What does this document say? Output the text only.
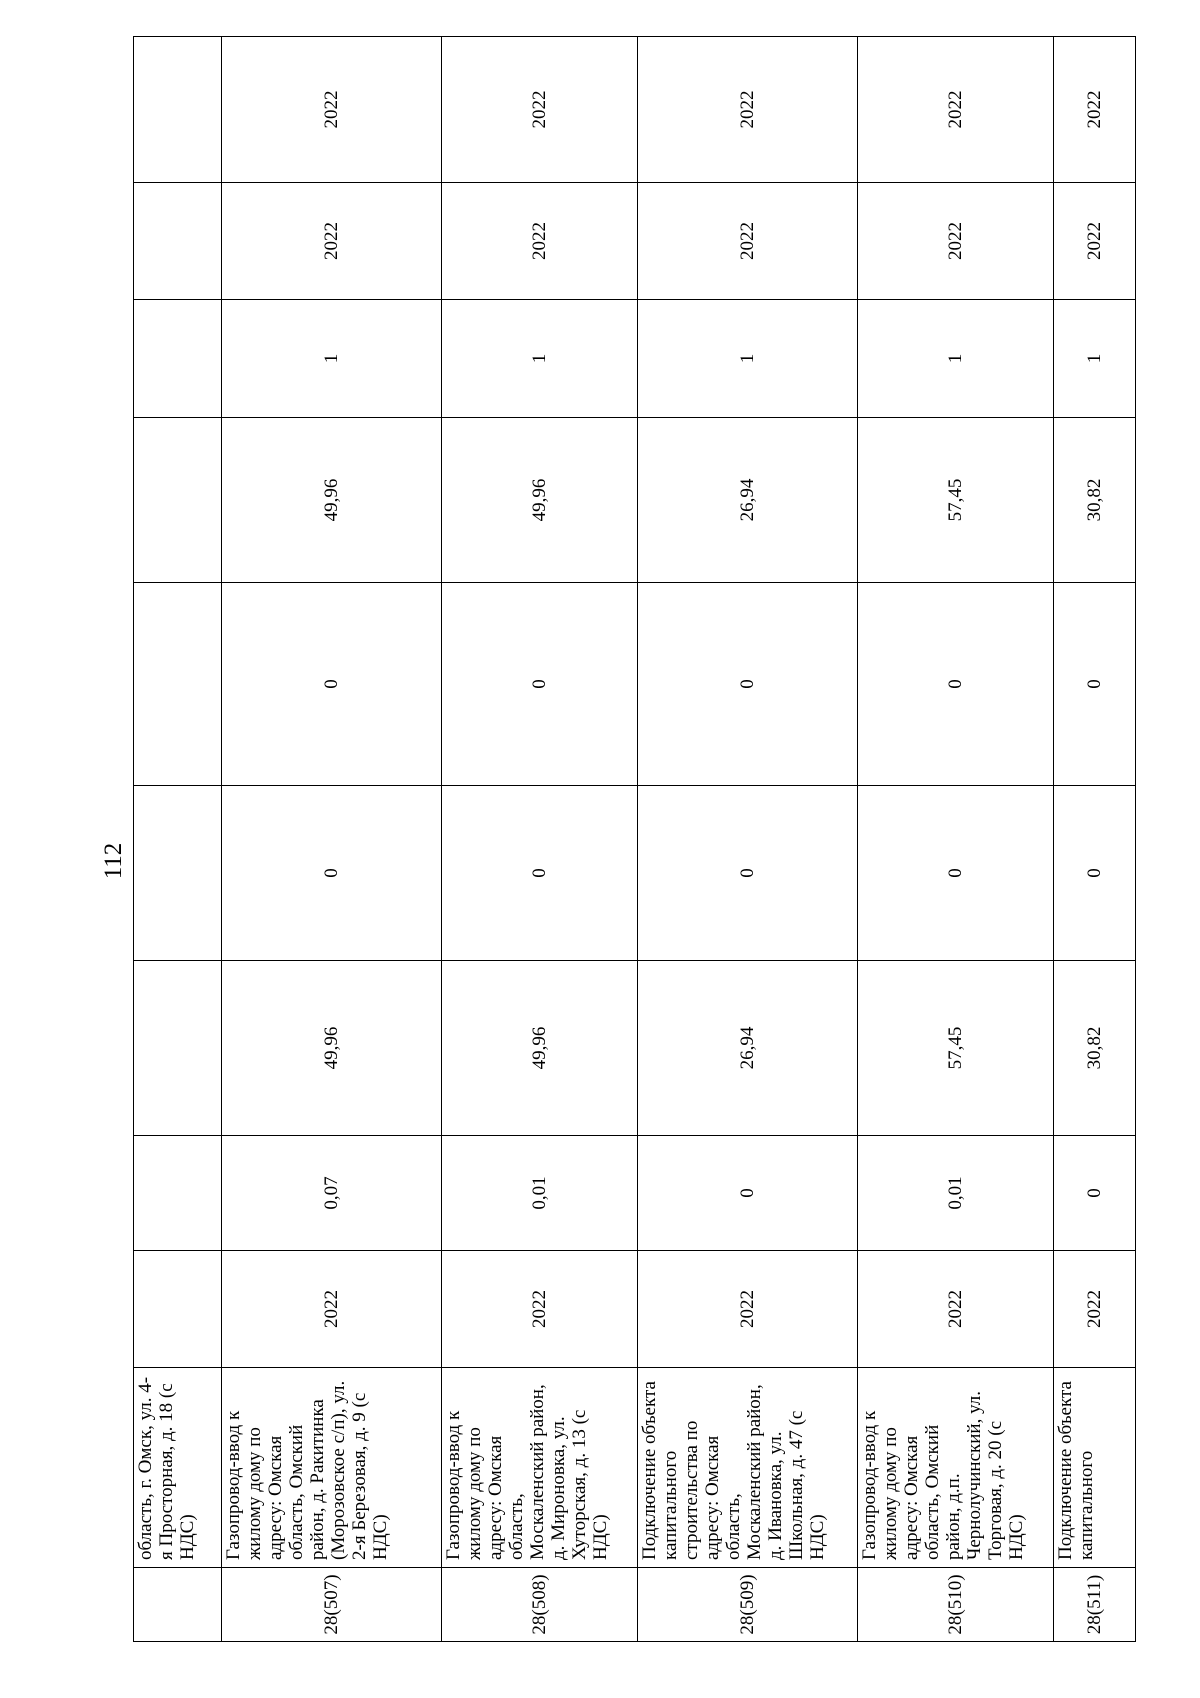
112
	область, г. Омск, ул. 4-я Просторная, д. 18 (с НДС)									
28(507)	Газопровод-ввод к жилому дому по адресу: Омская область, Омский район, д. Ракитинка (Морозовское с/п), ул. 2-я Березовая, д. 9 (с НДС)	2022	0,07	49,96	0	0	49,96	1	2022	2022
28(508)	Газопровод-ввод к жилому дому по адресу: Омская область, Москаленский район, д. Мироновка, ул. Хуторская, д. 13 (с НДС)	2022	0,01	49,96	0	0	49,96	1	2022	2022
28(509)	Подключение объекта капитального строительства по адресу: Омская область, Москаленский район, д. Ивановка, ул. Школьная, д. 47 (с НДС)	2022	0	26,94	0	0	26,94	1	2022	2022
28(510)	Газопровод-ввод к жилому дому по адресу: Омская область, Омский район, д.п. Чернолучинский, ул. Торговая, д. 20 (с НДС)	2022	0,01	57,45	0	0	57,45	1	2022	2022
28(511)	Подключение объекта капитального	2022	0	30,82	0	0	30,82	1	2022	2022
